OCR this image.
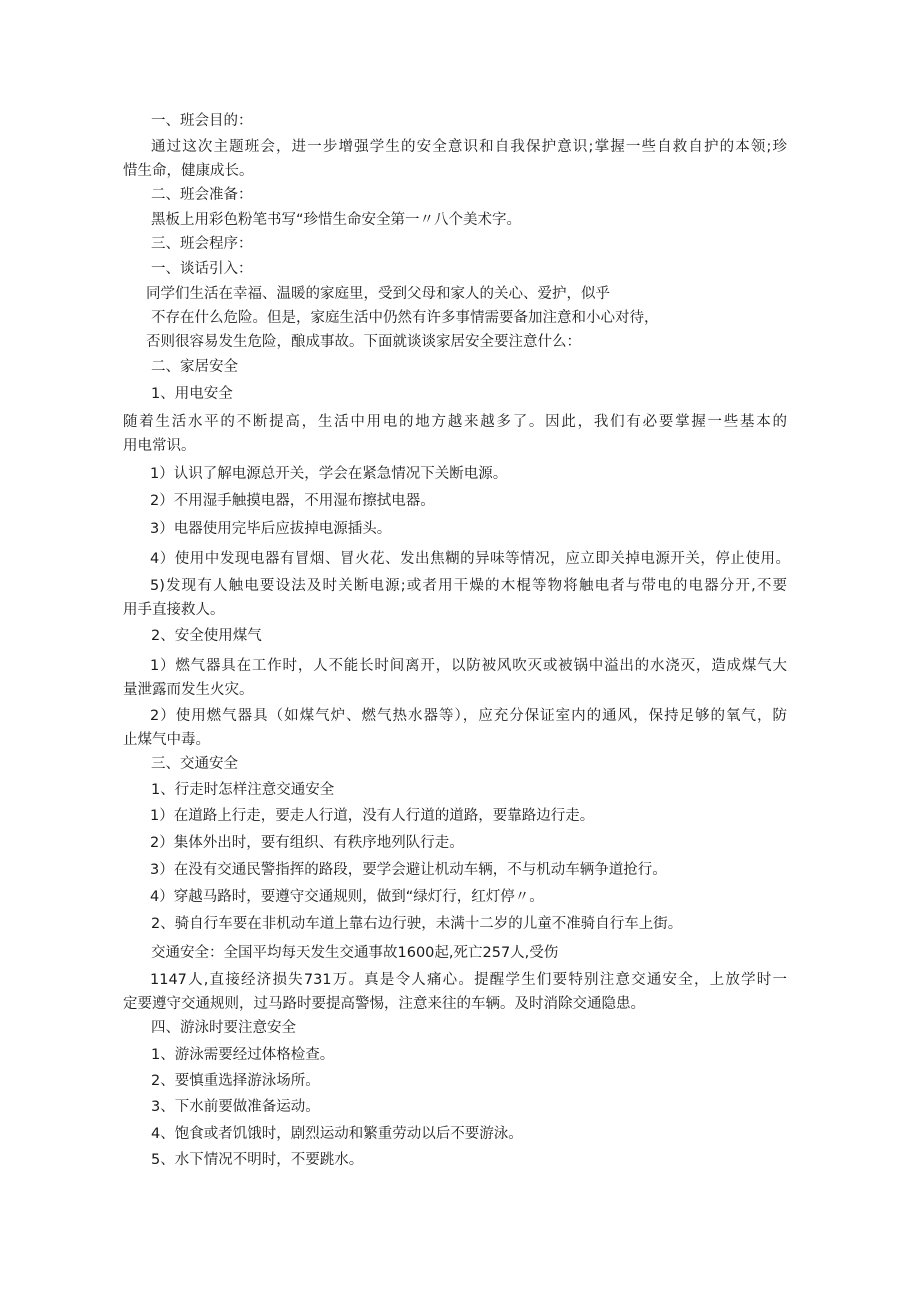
一、班会目的：

通过这次主题班会，进一步增强学生的安全意识和自我保护意识;掌握一些自救自护的本领;珍

惜生命，健康成长。

二、班会准备：

黑板上用彩色粉笔书写“珍惜生命安全第一〃八个美术字。

三、班会程序：

一、谈话引入：

同学们生活在幸福、温暖的家庭里，受到父母和家人的关心、爱护，似乎

不存在什么危险。但是，家庭生活中仍然有许多事情需要备加注意和小心对待，

否则很容易发生危险，酿成事故。下面就谈谈家居安全要注意什么：

二、家居安全

1、用电安全

随着生活水平的不断提高，生活中用电的地方越来越多了。因此，我们有必要掌握一些基本的

用电常识。

1）认识了解电源总开关，学会在紧急情况下关断电源。

2）不用湿手触摸电器，不用湿布擦拭电器。

3）电器使用完毕后应拔掉电源插头。

4）使用中发现电器有冒烟、冒火花、发出焦糊的异味等情况，应立即关掉电源开关，停止使用。

5)发现有人触电要设法及时关断电源;或者用干燥的木棍等物将触电者与带电的电器分开,不要

用手直接救人。

2、安全使用煤气

1）燃气器具在工作时，人不能长时间离开，以防被风吹灭或被锅中溢出的水浇灭，造成煤气大

量泄露而发生火灾。

2）使用燃气器具（如煤气炉、燃气热水器等），应充分保证室内的通风，保持足够的氧气，防

止煤气中毒。

三、交通安全

1、行走时怎样注意交通安全

1）在道路上行走，要走人行道，没有人行道的道路，要靠路边行走。

2）集体外出时，要有组织、有秩序地列队行走。

3）在没有交通民警指挥的路段，要学会避让机动车辆，不与机动车辆争道抢行。

4）穿越马路时，要遵守交通规则，做到“绿灯行，红灯停〃。

2、骑自行车要在非机动车道上靠右边行驶，未满十二岁的儿童不准骑自行车上街。

交通安全：全国平均每天发生交通事故1600起,死亡257人,受伤

1147人,直接经济损失731万。真是令人痛心。提醒学生们要特别注意交通安全，上放学时一

定要遵守交通规则，过马路时要提高警惕，注意来往的车辆。及时消除交通隐患。

四、游泳时要注意安全

1、游泳需要经过体格检查。

2、要慎重选择游泳场所。

3、下水前要做准备运动。

4、饱食或者饥饿时，剧烈运动和繁重劳动以后不要游泳。

5、水下情况不明时，不要跳水。
